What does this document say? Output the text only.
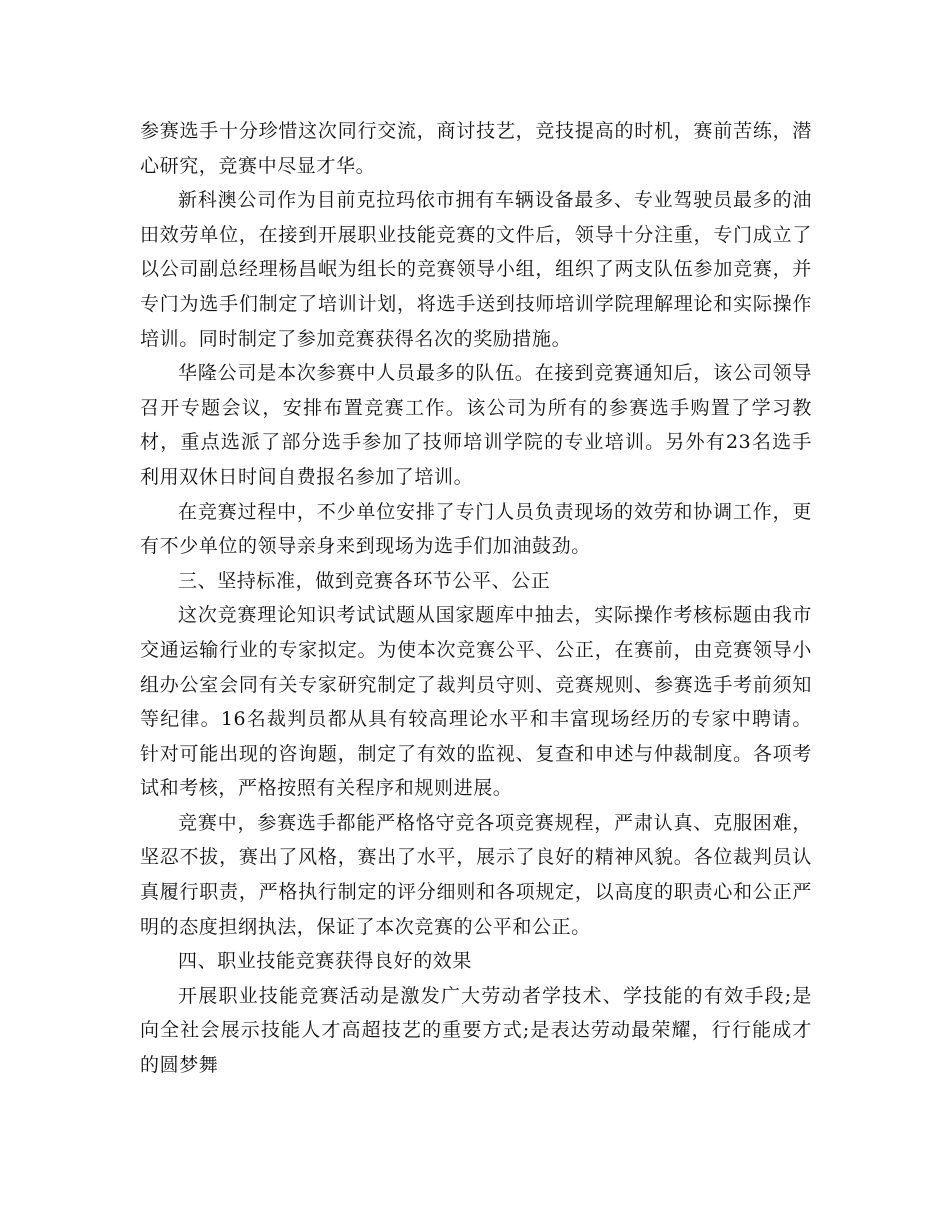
参赛选手十分珍惜这次同行交流，商讨技艺，竞技提高的时机，赛前苦练，潜心研究，竞赛中尽显才华。

新科澳公司作为目前克拉玛依市拥有车辆设备最多、专业驾驶员最多的油田效劳单位，在接到开展职业技能竞赛的文件后，领导十分注重，专门成立了以公司副总经理杨昌岷为组长的竞赛领导小组，组织了两支队伍参加竞赛，并专门为选手们制定了培训计划，将选手送到技师培训学院理解理论和实际操作培训。同时制定了参加竞赛获得名次的奖励措施。

华隆公司是本次参赛中人员最多的队伍。在接到竞赛通知后，该公司领导召开专题会议，安排布置竞赛工作。该公司为所有的参赛选手购置了学习教材，重点选派了部分选手参加了技师培训学院的专业培训。另外有23名选手利用双休日时间自费报名参加了培训。

在竞赛过程中，不少单位安排了专门人员负责现场的效劳和协调工作，更有不少单位的领导亲身来到现场为选手们加油鼓劲。

三、坚持标准，做到竞赛各环节公平、公正

这次竞赛理论知识考试试题从国家题库中抽去，实际操作考核标题由我市交通运输行业的专家拟定。为使本次竞赛公平、公正，在赛前，由竞赛领导小组办公室会同有关专家研究制定了裁判员守则、竞赛规则、参赛选手考前须知等纪律。16名裁判员都从具有较高理论水平和丰富现场经历的专家中聘请。针对可能出现的咨询题，制定了有效的监视、复查和申述与仲裁制度。各项考试和考核，严格按照有关程序和规则进展。

竞赛中，参赛选手都能严格恪守竞各项竞赛规程，严肃认真、克服困难，坚忍不拔，赛出了风格，赛出了水平，展示了良好的精神风貌。各位裁判员认真履行职责，严格执行制定的评分细则和各项规定，以高度的职责心和公正严明的态度担纲执法，保证了本次竞赛的公平和公正。

四、职业技能竞赛获得良好的效果

开展职业技能竞赛活动是激发广大劳动者学技术、学技能的有效手段;是向全社会展示技能人才高超技艺的重要方式;是表达劳动最荣耀，行行能成才的圆梦舞
